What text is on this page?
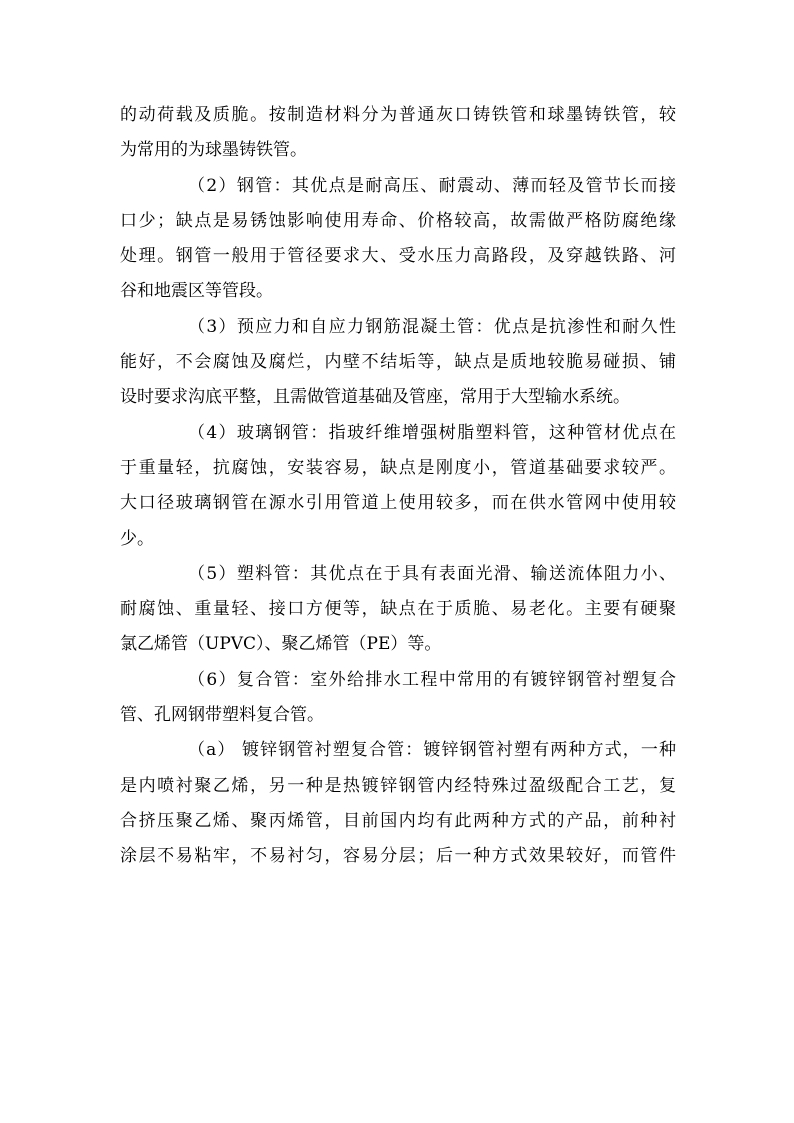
的动荷载及质脆。按制造材料分为普通灰口铸铁管和球墨铸铁管，较
为常用的为球墨铸铁管。
（2）钢管：其优点是耐高压、耐震动、薄而轻及管节长而接
口少；缺点是易锈蚀影响使用寿命、价格较高，故需做严格防腐绝缘
处理。钢管一般用于管径要求大、受水压力高路段，及穿越铁路、河
谷和地震区等管段。
（3）预应力和自应力钢筋混凝土管：优点是抗渗性和耐久性
能好，不会腐蚀及腐烂，内壁不结垢等，缺点是质地较脆易碰损、铺
设时要求沟底平整，且需做管道基础及管座，常用于大型输水系统。
（4）玻璃钢管：指玻纤维增强树脂塑料管，这种管材优点在
于重量轻，抗腐蚀，安装容易，缺点是刚度小，管道基础要求较严。
大口径玻璃钢管在源水引用管道上使用较多，而在供水管网中使用较
少。
（5）塑料管：其优点在于具有表面光滑、输送流体阻力小、
耐腐蚀、重量轻、接口方便等，缺点在于质脆、易老化。主要有硬聚
氯乙烯管（UPVC）、聚乙烯管（PE）等。
（6）复合管：室外给排水工程中常用的有镀锌钢管衬塑复合
管、孔网钢带塑料复合管。
（a） 镀锌钢管衬塑复合管：镀锌钢管衬塑有两种方式，一种
是内喷衬聚乙烯，另一种是热镀锌钢管内经特殊过盈级配合工艺，复
合挤压聚乙烯、聚丙烯管，目前国内均有此两种方式的产品，前种衬
涂层不易粘牢，不易衬匀，容易分层；后一种方式效果较好，而管件
